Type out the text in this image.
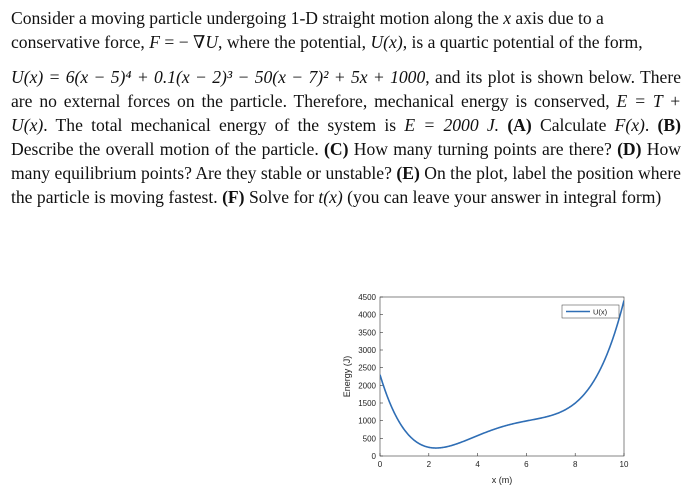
Consider a moving particle undergoing 1-D straight motion along the x axis due to a conservative force, F = − ∇U, where the potential, U(x), is a quartic potential of the form,

U(x) = 6(x − 5)⁴ + 0.1(x − 2)³ − 50(x − 7)² + 5x + 1000, and its plot is shown below. There are no external forces on the particle. Therefore, mechanical energy is conserved, E = T + U(x). The total mechanical energy of the system is E = 2000 J. (A) Calculate F(x). (B) Describe the overall motion of the particle. (C) How many turning points are there? (D) How many equilibrium points? Are they stable or unstable? (E) On the plot, label the position where the particle is moving fastest. (F) Solve for t(x) (you can leave your answer in integral form)

0	2	4	6	8	10
0
500
1000
1500
2000
2500
3000
3500
4000
4500
x (m)
Energy (J)
U(x)
